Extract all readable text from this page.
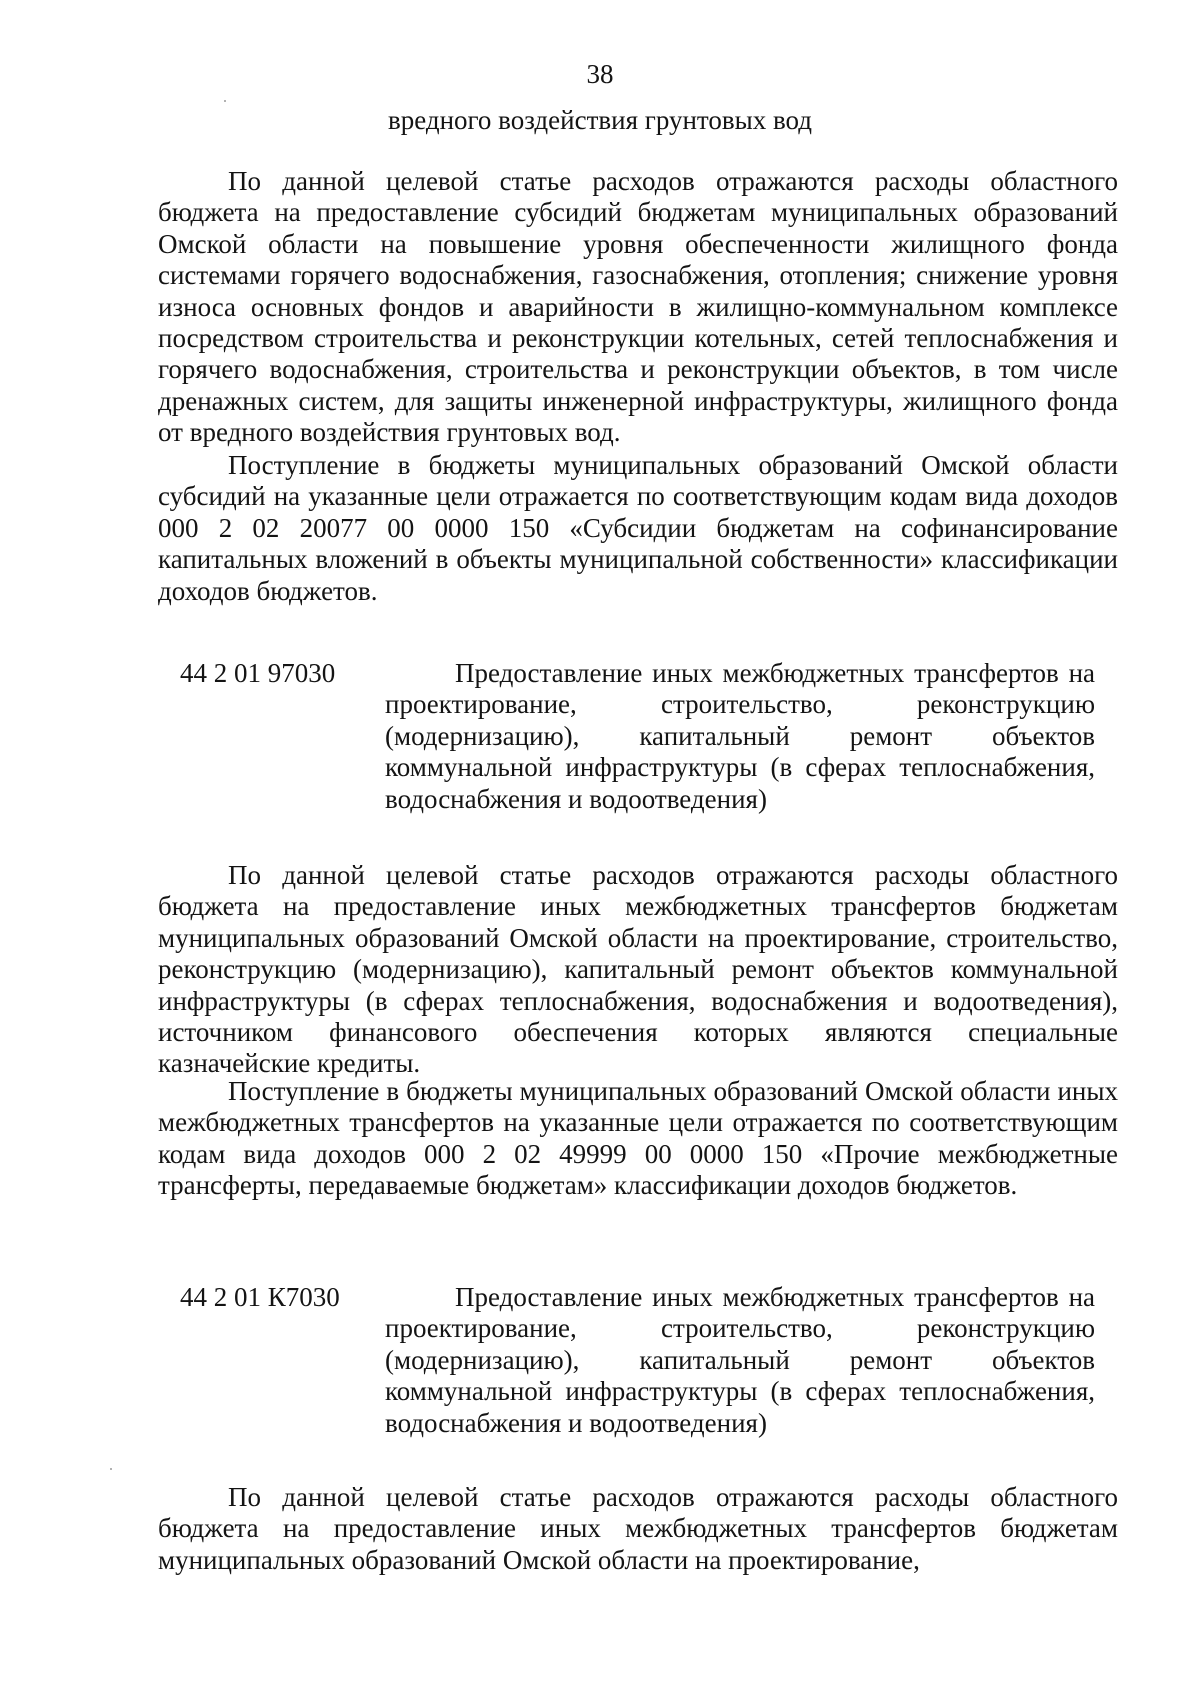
38
вредного воздействия грунтовых вод

По данной целевой статье расходов отражаются расходы областного бюджета на предоставление субсидий бюджетам муниципальных образований Омской области на повышение уровня обеспеченности жилищного фонда системами горячего водоснабжения, газоснабжения, отопления; снижение уровня износа основных фондов и аварийности в жилищно-коммунальном комплексе посредством строительства и реконструкции котельных, сетей теплоснабжения и горячего водоснабжения, строительства и реконструкции объектов, в том числе дренажных систем, для защиты инженерной инфраструктуры, жилищного фонда от вредного воздействия грунтовых вод.

Поступление в бюджеты муниципальных образований Омской области субсидий на указанные цели отражается по соответствующим кодам вида доходов 000 2 02 20077 00 0000 150 «Субсидии бюджетам на софинансирование капитальных вложений в объекты муниципальной собственности» классификации доходов бюджетов.

44 2 01 97030	Предоставление иных межбюджетных трансфертов на проектирование, строительство, реконструкцию (модернизацию), капитальный ремонт объектов коммунальной инфраструктуры (в сферах теплоснабжения, водоснабжения и водоотведения)

По данной целевой статье расходов отражаются расходы областного бюджета на предоставление иных межбюджетных трансфертов бюджетам муниципальных образований Омской области на проектирование, строительство, реконструкцию (модернизацию), капитальный ремонт объектов коммунальной инфраструктуры (в сферах теплоснабжения, водоснабжения и водоотведения), источником финансового обеспечения которых являются специальные казначейские кредиты.

Поступление в бюджеты муниципальных образований Омской области иных межбюджетных трансфертов на указанные цели отражается по соответствующим кодам вида доходов 000 2 02 49999 00 0000 150 «Прочие межбюджетные трансферты, передаваемые бюджетам» классификации доходов бюджетов.

44 2 01 К7030	Предоставление иных межбюджетных трансфертов на проектирование, строительство, реконструкцию (модернизацию), капитальный ремонт объектов коммунальной инфраструктуры (в сферах теплоснабжения, водоснабжения и водоотведения)

По данной целевой статье расходов отражаются расходы областного бюджета на предоставление иных межбюджетных трансфертов бюджетам муниципальных образований Омской области на проектирование,
